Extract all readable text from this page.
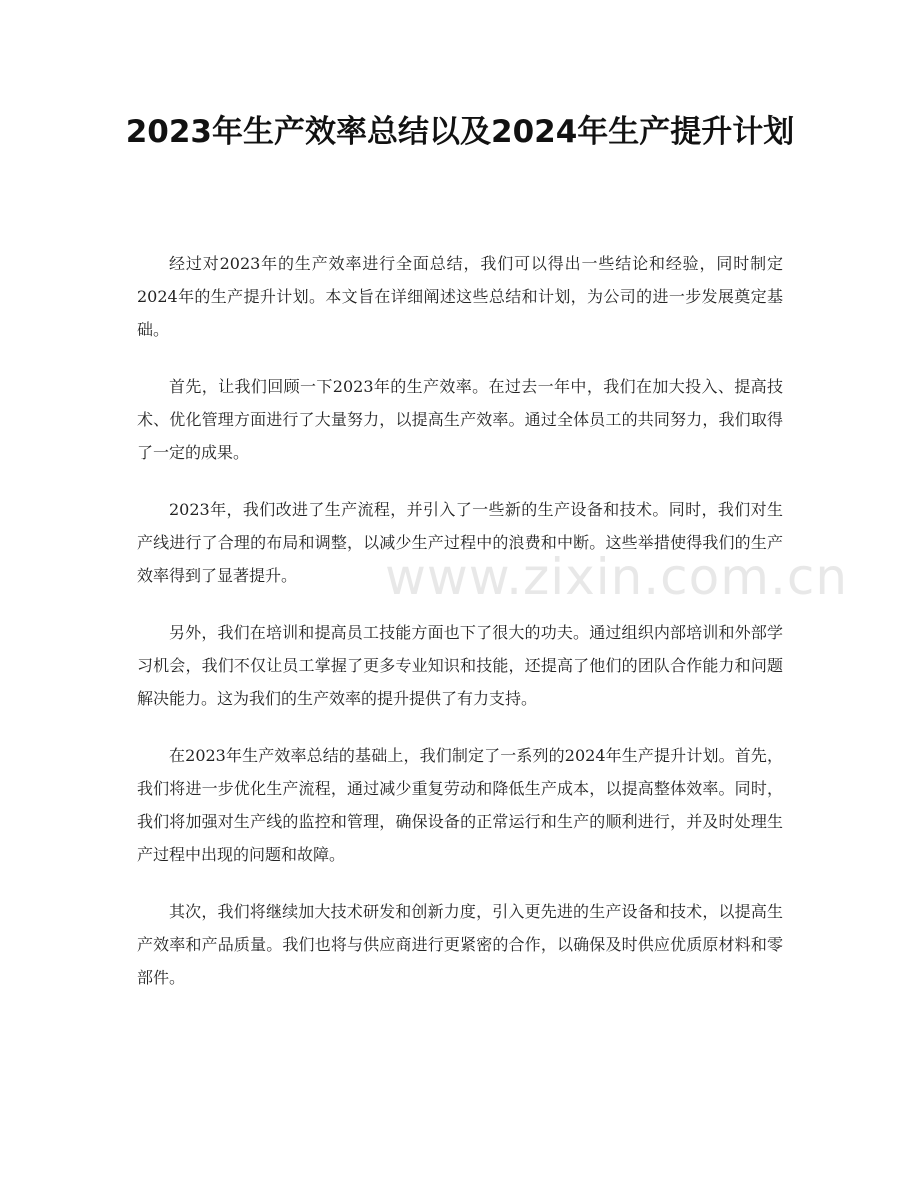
2023年生产效率总结以及2024年生产提升计划

经过对2023年的生产效率进行全面总结，我们可以得出一些结论和经验，同时制定2024年的生产提升计划。本文旨在详细阐述这些总结和计划，为公司的进一步发展奠定基础。

首先，让我们回顾一下2023年的生产效率。在过去一年中，我们在加大投入、提高技术、优化管理方面进行了大量努力，以提高生产效率。通过全体员工的共同努力，我们取得了一定的成果。

2023年，我们改进了生产流程，并引入了一些新的生产设备和技术。同时，我们对生产线进行了合理的布局和调整，以减少生产过程中的浪费和中断。这些举措使得我们的生产效率得到了显著提升。

另外，我们在培训和提高员工技能方面也下了很大的功夫。通过组织内部培训和外部学习机会，我们不仅让员工掌握了更多专业知识和技能，还提高了他们的团队合作能力和问题解决能力。这为我们的生产效率的提升提供了有力支持。

在2023年生产效率总结的基础上，我们制定了一系列的2024年生产提升计划。首先，我们将进一步优化生产流程，通过减少重复劳动和降低生产成本，以提高整体效率。同时，我们将加强对生产线的监控和管理，确保设备的正常运行和生产的顺利进行，并及时处理生产过程中出现的问题和故障。

其次，我们将继续加大技术研发和创新力度，引入更先进的生产设备和技术，以提高生产效率和产品质量。我们也将与供应商进行更紧密的合作，以确保及时供应优质原材料和零部件。

www.zixin.com.cn
